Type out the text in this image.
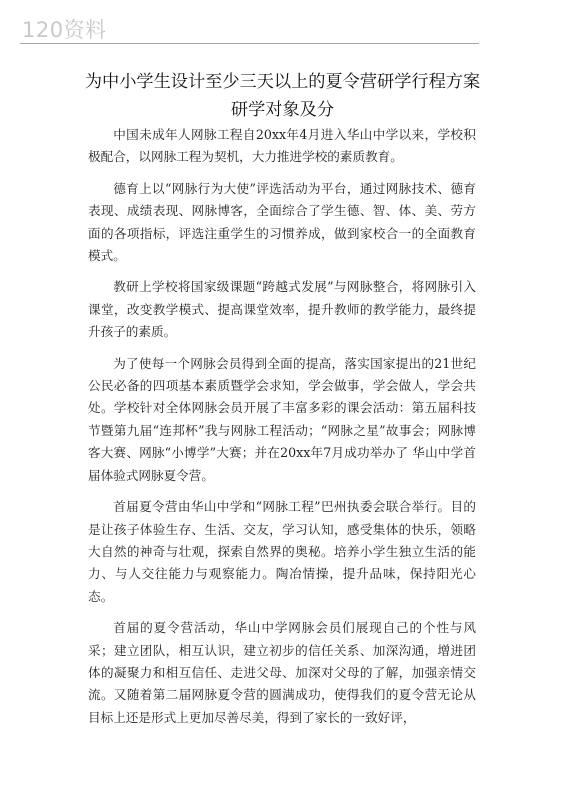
120资料
为中小学生设计至少三天以上的夏令营研学行程方案
研学对象及分

中国未成年人网脉工程自20xx年4月进入华山中学以来，学校积极配合，以网脉工程为契机，大力推进学校的素质教育。

德育上以“网脉行为大使”评选活动为平台，通过网脉技术、德育表现、成绩表现、网脉博客，全面综合了学生德、智、体、美、劳方面的各项指标，评选注重学生的习惯养成，做到家校合一的全面教育模式。

教研上学校将国家级课题“跨越式发展”与网脉整合，将网脉引入课堂，改变教学模式、提高课堂效率，提升教师的教学能力，最终提升孩子的素质。

为了使每一个网脉会员得到全面的提高，落实国家提出的21世纪公民必备的四项基本素质暨学会求知，学会做事，学会做人，学会共处。学校针对全体网脉会员开展了丰富多彩的课会活动：第五届科技节暨第九届“连邦杯”我与网脉工程活动；“网脉之星”故事会；网脉博客大赛、网脉“小博学”大赛；并在20xx年7月成功举办了 华山中学首届体验式网脉夏令营。

首届夏令营由华山中学和“网脉工程”巴州执委会联合举行。目的是让孩子体验生存、生活、交友，学习认知，感受集体的快乐，领略大自然的神奇与壮观，探索自然界的奥秘。培养小学生独立生活的能力、与人交往能力与观察能力。陶冶情操，提升品味，保持阳光心态。

首届的夏令营活动，华山中学网脉会员们展现自己的个性与风采；建立团队，相互认识，建立初步的信任关系、加深沟通，增进团体的凝聚力和相互信任、走进父母、加深对父母的了解，加强亲情交流。又随着第二届网脉夏令营的圆满成功，使得我们的夏令营无论从目标上还是形式上更加尽善尽美，得到了家长的一致好评，
